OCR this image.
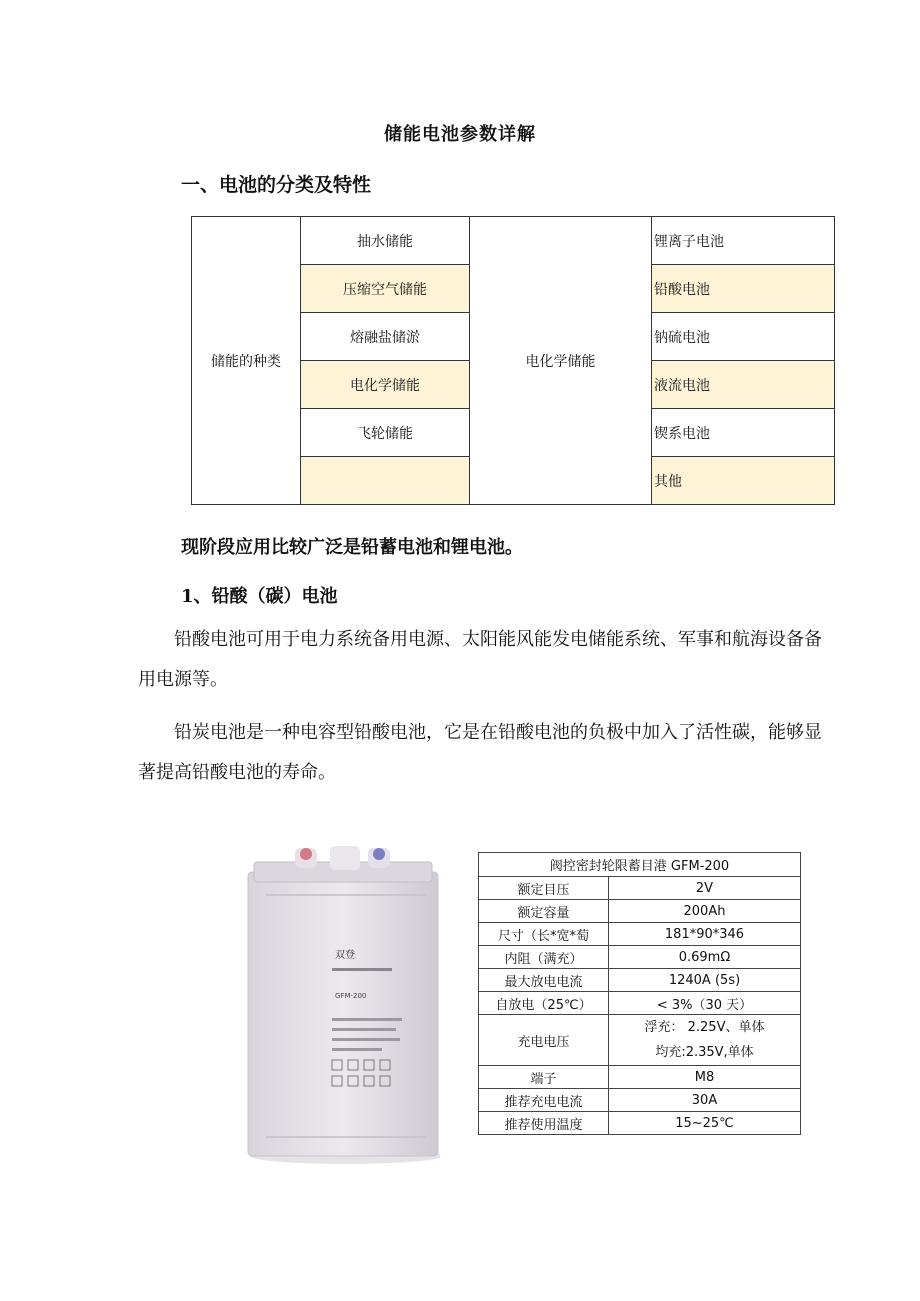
储能电池参数详解
一、电池的分类及特性
储能的种类	抽水储能	电化学储能	锂离子电池
	压缩空气储能		铅酸电池
	熔融盐储淤		钠硫电池
	电化学储能		液流电池
	飞轮储能		锲系电池
			其他
现阶段应用比较广泛是铅蓄电池和锂电池。
1、铅酸（碳）电池
铅酸电池可用于电力系统备用电源、太阳能风能发电储能系统、军事和航海设备备用电源等。
铅炭电池是一种电容型铅酸电池，它是在铅酸电池的负极中加入了活性碳，能够显著提高铅酸电池的寿命。
双登
GFM-200
阀控密封轮限蓄目港 GFM-200	
额定目压	2V
额定容量	200Ah
尺寸（长*宽*萄	181*90*346
内阻（满充）	0.69mΩ
最大放电电流	1240A (5s)
自放电（25℃）	< 3%（30 天）
充电电压	浮充： 2.25V、单体
均充:2.35V,单体

端子	M8
推荐充电电流	30A
推荐使用温度	15~25℃
